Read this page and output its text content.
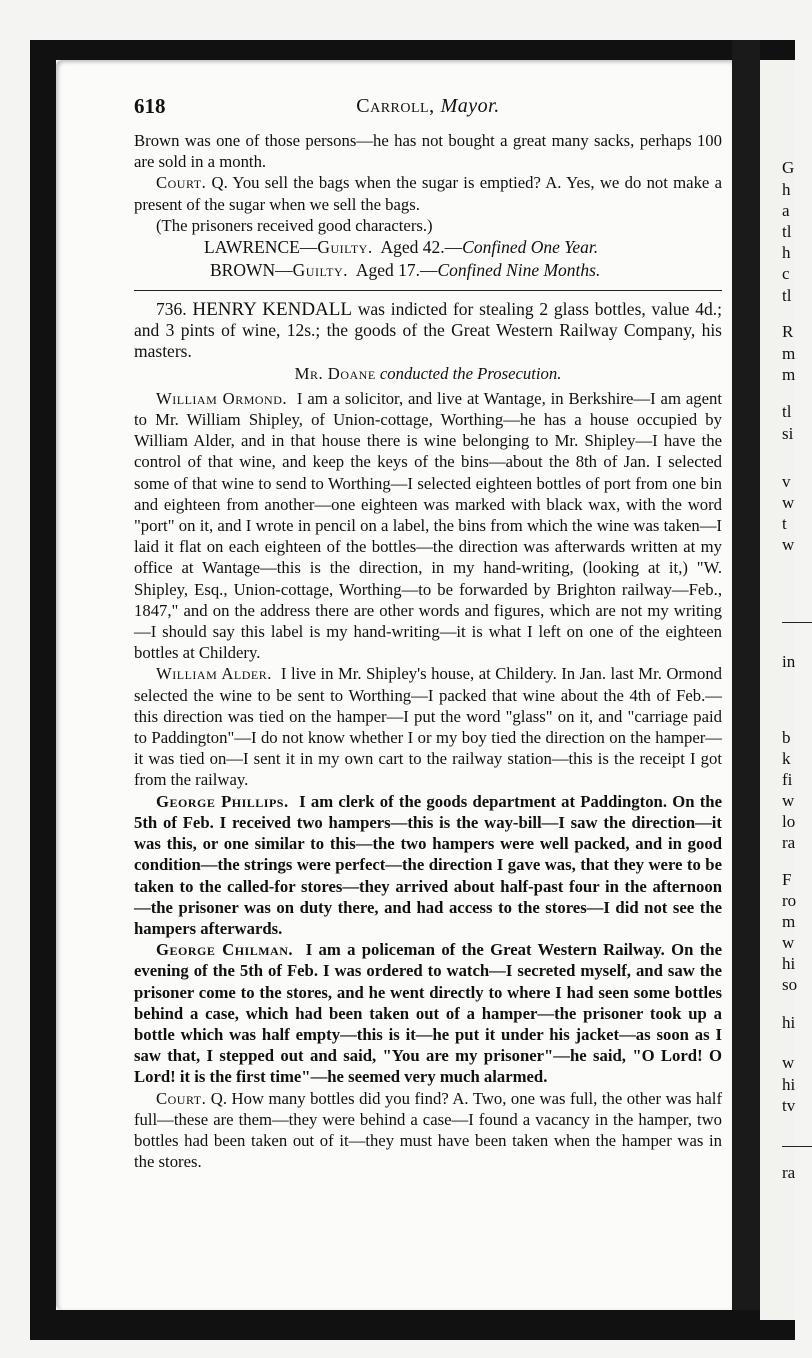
G
h
a
tl
h
c
tl
R
m
m
tl
si
v
w
t
w
in
b
k
fi
w
lo
ra
F
ro
m
w
hi
so
hi
w
hi
tv
ra
618	Carroll, Mayor.

Brown was one of those persons—he has not bought a great many sacks, perhaps 100 are sold in a month.

Court. Q. You sell the bags when the sugar is emptied? A. Yes, we do not make a present of the sugar when we sell the bags.

(The prisoners received good characters.)

LAWRENCE—Guilty. Aged 42.—Confined One Year.

BROWN—Guilty. Aged 17.—Confined Nine Months.

736. HENRY KENDALL was indicted for stealing 2 glass bottles, value 4d.; and 3 pints of wine, 12s.; the goods of the Great Western Railway Company, his masters.

Mr. Doane conducted the Prosecution.

William Ormond. I am a solicitor, and live at Wantage, in Berkshire—I am agent to Mr. William Shipley, of Union-cottage, Worthing—he has a house occupied by William Alder, and in that house there is wine belonging to Mr. Shipley—I have the control of that wine, and keep the keys of the bins—about the 8th of Jan. I selected some of that wine to send to Worthing—I selected eighteen bottles of port from one bin and eighteen from another—one eighteen was marked with black wax, with the word "port" on it, and I wrote in pencil on a label, the bins from which the wine was taken—I laid it flat on each eighteen of the bottles—the direction was afterwards written at my office at Wantage—this is the direction, in my hand-writing, (looking at it,) "W. Shipley, Esq., Union-cottage, Worthing—to be forwarded by Brighton railway—Feb., 1847," and on the address there are other words and figures, which are not my writing—I should say this label is my hand-writing—it is what I left on one of the eighteen bottles at Childery.

William Alder. I live in Mr. Shipley's house, at Childery. In Jan. last Mr. Ormond selected the wine to be sent to Worthing—I packed that wine about the 4th of Feb.—this direction was tied on the hamper—I put the word "glass" on it, and "carriage paid to Paddington"—I do not know whether I or my boy tied the direction on the hamper—it was tied on—I sent it in my own cart to the railway station—this is the receipt I got from the railway.

George Phillips. I am clerk of the goods department at Paddington. On the 5th of Feb. I received two hampers—this is the way-bill—I saw the direction—it was this, or one similar to this—the two hampers were well packed, and in good condition—the strings were perfect—the direction I gave was, that they were to be taken to the called-for stores—they arrived about half-past four in the afternoon—the prisoner was on duty there, and had access to the stores—I did not see the hampers afterwards.

George Chilman. I am a policeman of the Great Western Railway. On the evening of the 5th of Feb. I was ordered to watch—I secreted myself, and saw the prisoner come to the stores, and he went directly to where I had seen some bottles behind a case, which had been taken out of a hamper—the prisoner took up a bottle which was half empty—this is it—he put it under his jacket—as soon as I saw that, I stepped out and said, "You are my prisoner"—he said, "O Lord! O Lord! it is the first time"—he seemed very much alarmed.

Court. Q. How many bottles did you find? A. Two, one was full, the other was half full—these are them—they were behind a case—I found a vacancy in the hamper, two bottles had been taken out of it—they must have been taken when the hamper was in the stores.
